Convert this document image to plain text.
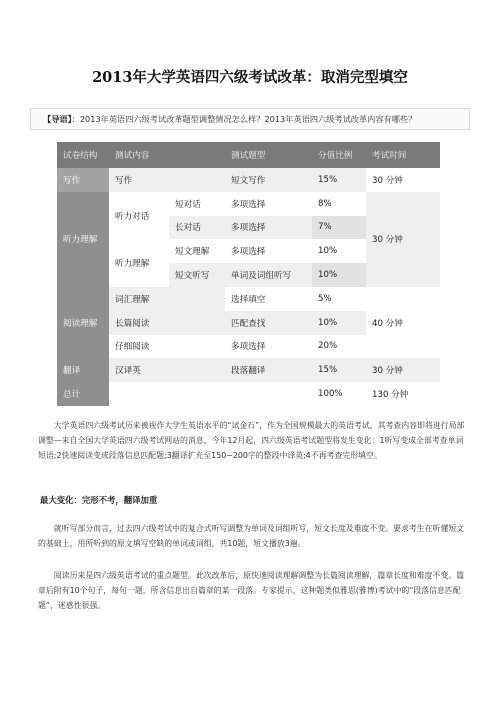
2013年大学英语四六级考试改革：取消完型填空
【导语】：2013年英语四六级考试改革题型调整情况怎么样？2013年英语四六级考试改革内容有哪些？
试卷结构	测试内容		测试题型	分值比例	考试时间
写作	写作		短文写作	15%	30 分钟
听力理解	听力对话	短对话	多项选择	8%	30 分钟
		长对话	多项选择	7%	
	听力理解	短文理解	多项选择	10%	
		短文听写	单词及词组听写	10%	
阅读理解	词汇理解		选择填空	5%	40 分钟
	长篇阅读		匹配查找	10%	
	仔细阅读		多项选择	20%	
翻译	汉译英		段落翻译	15%	30 分钟
总计				100%	130 分钟
大学英语四六级考试历来被视作大学生英语水平的“试金石”，作为全国规模最大的英语考试，其考查内容即将进行局部调整—来自全国大学英语四六级考试网站的消息，今年12月起，四六级英语考试题型将发生变化：1听写变成全部考查单词短语;2快速阅读变成段落信息匹配题;3翻译扩充至150~200字的整段中译英;4不再考查完形填空。
最大变化：完形不考，翻译加重
就听写部分而言，过去四六级考试中的复合式听写调整为单词及词组听写，短文长度及难度不变。要求考生在听懂短文的基础上，用所听到的原文填写空缺的单词或词组，共10题，短文播放3遍。
阅读历来是四六级英语考试的重点题型。此次改革后，原快速阅读理解调整为长篇阅读理解，篇章长度和难度不变。篇章后附有10个句子，每句一题，所含信息出自篇章的某一段落。专家提示，这种题类似雅思(雅博)考试中的“段落信息匹配题”，迷惑性很强。
